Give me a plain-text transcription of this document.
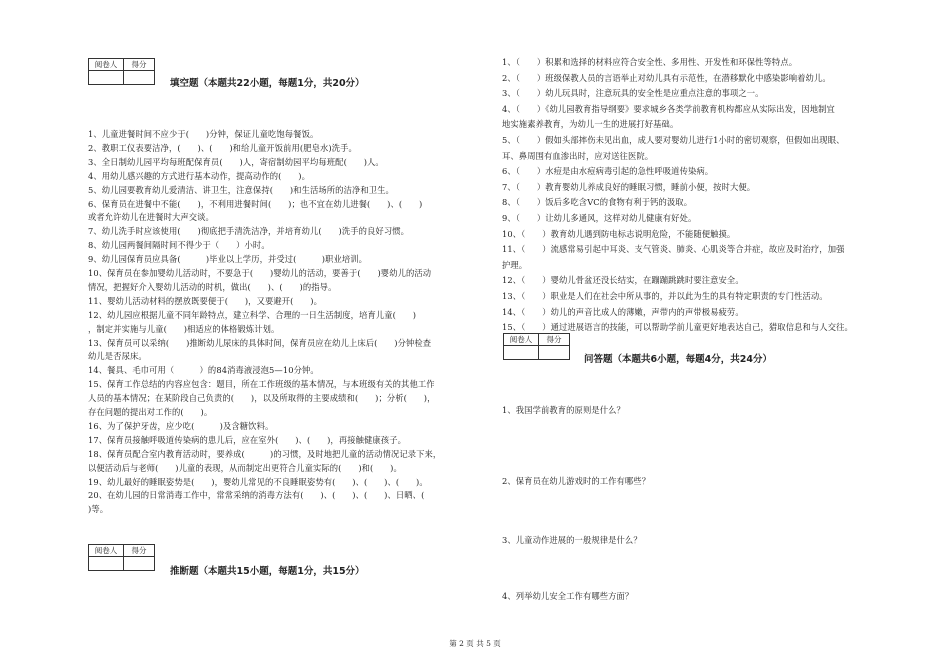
阅卷人	得分

填空题（本题共22小题，每题1分，共20分）
1、儿童进餐时间不应少于(　　)分钟，保证儿童吃饱每餐饭。
2、教职工仪表要洁净，(　　)、(　　)和给儿童开饭前用(肥皂水)洗手。
3、全日制幼儿园平均每班配保育员(　　)人，寄宿制幼园平均每班配(　　)人。
4、用幼儿感兴趣的方式进行基本动作，提高动作的(　　)。
5、幼儿园要教育幼儿爱清洁、讲卫生，注意保持(　　)和生活场所的洁净和卫生。
6、保育员在进餐中不能(　　)，不利用进餐时间(　　)；也不宜在幼儿进餐(　　)、(　　)
或者允许幼儿在进餐时大声交谈。
7、幼儿洗手时应该使用(　　)彻底把手清洗洁净，并培育幼儿(　　)洗手的良好习惯。
8、幼儿园两餐间隔时间不得少于（　　）小时。
9、幼儿园保育员应具备(　　　)毕业以上学历，并受过(　　　)职业培训。
10、保育员在参加婴幼儿活动时，不要急于(　　)婴幼儿的活动，要善于(　　)婴幼儿的活动
情况，把握好介入婴幼儿活动的时机，做出(　　)、(　　)的指导。
11、婴幼儿活动材料的摆放既要便于(　　)，又要避开(　　)。
12、幼儿园应根据儿童不同年龄特点，建立科学、合理的一日生活制度，培育儿童(　　)
，制定并实施与儿童(　　)相适应的体格锻炼计划。
13、保育员可以采纳(　　)推断幼儿尿床的具体时间，保育员应在幼儿上床后(　　)分钟检查
幼儿是否尿床。
14、餐具、毛巾可用（　　　）的84消毒液浸泡5—10分钟。
15、保育工作总结的内容应包含：题目，所在工作班级的基本情况，与本班级有关的其他工作
人员的基本情况；在某阶段自己负责的(　　)，以及所取得的主要成绩和(　　)；分析(　　)，
存在问题的提出对工作的(　　)。
16、为了保护牙齿，应少吃(　　　)及含糖饮料。
17、保育员接触呼吸道传染病的患儿后，应在室外(　　)、(　　)，再接触健康孩子。
18、保育员配合室内教育活动时，要养成(　　　)的习惯，及时地把儿童的活动情况记录下来，
以便活动后与老师(　　)儿童的表现，从而制定出更符合儿童实际的(　　)和(　　)。
19、幼儿最好的睡眠姿势是(　　)，婴幼儿常见的不良睡眠姿势有(　　)、(　　)、(　　)。
20、在幼儿园的日常消毒工作中，常常采纳的消毒方法有(　　)、(　　)、(　　)、日晒、(　　
)等。
阅卷人	得分

推断题（本题共15小题，每题1分，共15分）
1、（　　）积累和选择的材料应符合安全性、多用性、开发性和环保性等特点。
2、（　　）班级保教人员的言语举止对幼儿具有示范性，在潜移默化中感染影响着幼儿。
3、（　　）幼儿玩具时，注意玩具的安全性是应重点注意的事项之一。
4、（　　）《幼儿园教育指导纲要》要求城乡各类学前教育机构都应从实际出发，因地制宜
地实施素养教育，为幼儿一生的进展打好基础。
5、（　　）假如头部摔伤未见出血，成人要对婴幼儿进行1小时的密切观察，但假如出现眼、
耳、鼻周围有血渗出时，应对送往医院。
6、（　　）水痘是由水痘病毒引起的急性呼吸道传染病。
7、（　　）教育婴幼儿养成良好的睡眠习惯，睡前小便，按时大便。
8、（　　）饭后多吃含VC的食物有利于钙的汲取。
9、（　　）让幼儿多通风，这样对幼儿健康有好处。
10、（　　）教育幼儿遇到防电标志说明危险，不能随便触摸。
11、（　　）流感常易引起中耳炎、支气管炎、肺炎、心肌炎等合并症，故应及时治疗，加强
护理。
12、（　　）婴幼儿骨盆还没长结实，在蹦蹦跳跳时要注意安全。
13、（　　）职业是人们在社会中所从事的，并以此为生的具有特定职责的专门性活动。
14、（　　）幼儿的声音比成人的薄嫩，声带内的声带极易疲劳。
15、（　　）通过进展语言的技能，可以帮助学前儿童更好地表达自己，猎取信息和与人交往。
阅卷人	得分

问答题（本题共6小题，每题4分，共24分）
1、我国学前教育的原则是什么？
2、保育员在幼儿游戏时的工作有哪些？
3、儿童动作进展的一般规律是什么？
4、列举幼儿安全工作有哪些方面？
第 2 页 共 5 页
